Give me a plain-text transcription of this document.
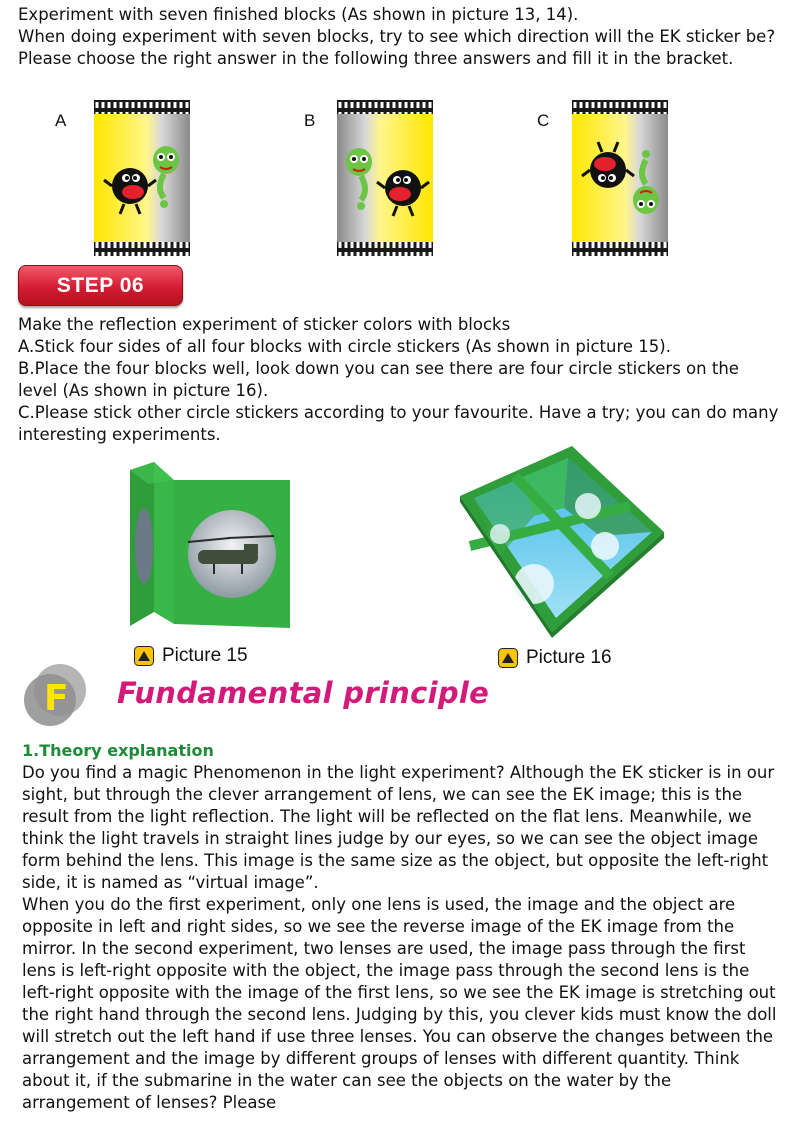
Experiment with seven finished blocks (As shown in picture 13, 14).

When doing experiment with seven blocks, try to see which direction will the EK sticker be?

Please choose the right answer in the following three answers and fill it in the bracket.

A	B	C
STEP 06

Make the reflection experiment of sticker colors with blocks

A.Stick four sides of all four blocks with circle stickers (As shown in picture 15).

B.Place the four blocks well, look down you can see there are four circle stickers on the level (As shown in picture 16).

C.Please stick other circle stickers according to your favourite. Have a try; you can do many interesting experiments.

Picture 15	Picture 16
F Fundamental principle
1.Theory explanation

Do you find a magic Phenomenon in the light experiment? Although the EK sticker is in our sight, but through the clever arrangement of lens, we can see the EK image; this is the result from the light reflection. The light will be reflected on the flat lens. Meanwhile, we think the light travels in straight lines judge by our eyes, so we can see the object image form behind the lens. This image is the same size as the object, but opposite the left-right side, it is named as “virtual image”.

When you do the first experiment, only one lens is used, the image and the object are opposite in left and right sides, so we see the reverse image of the EK image from the mirror. In the second experiment, two lenses are used, the image pass through the first lens is left-right opposite with the object, the image pass through the second lens is the left-right opposite with the image of the first lens, so we see the EK image is stretching out the right hand through the second lens. Judging by this, you clever kids must know the doll will stretch out the left hand if use three lenses. You can observe the changes between the arrangement and the image by different groups of lenses with different quantity. Think about it, if the submarine in the water can see the objects on the water by the arrangement of lenses? Please
